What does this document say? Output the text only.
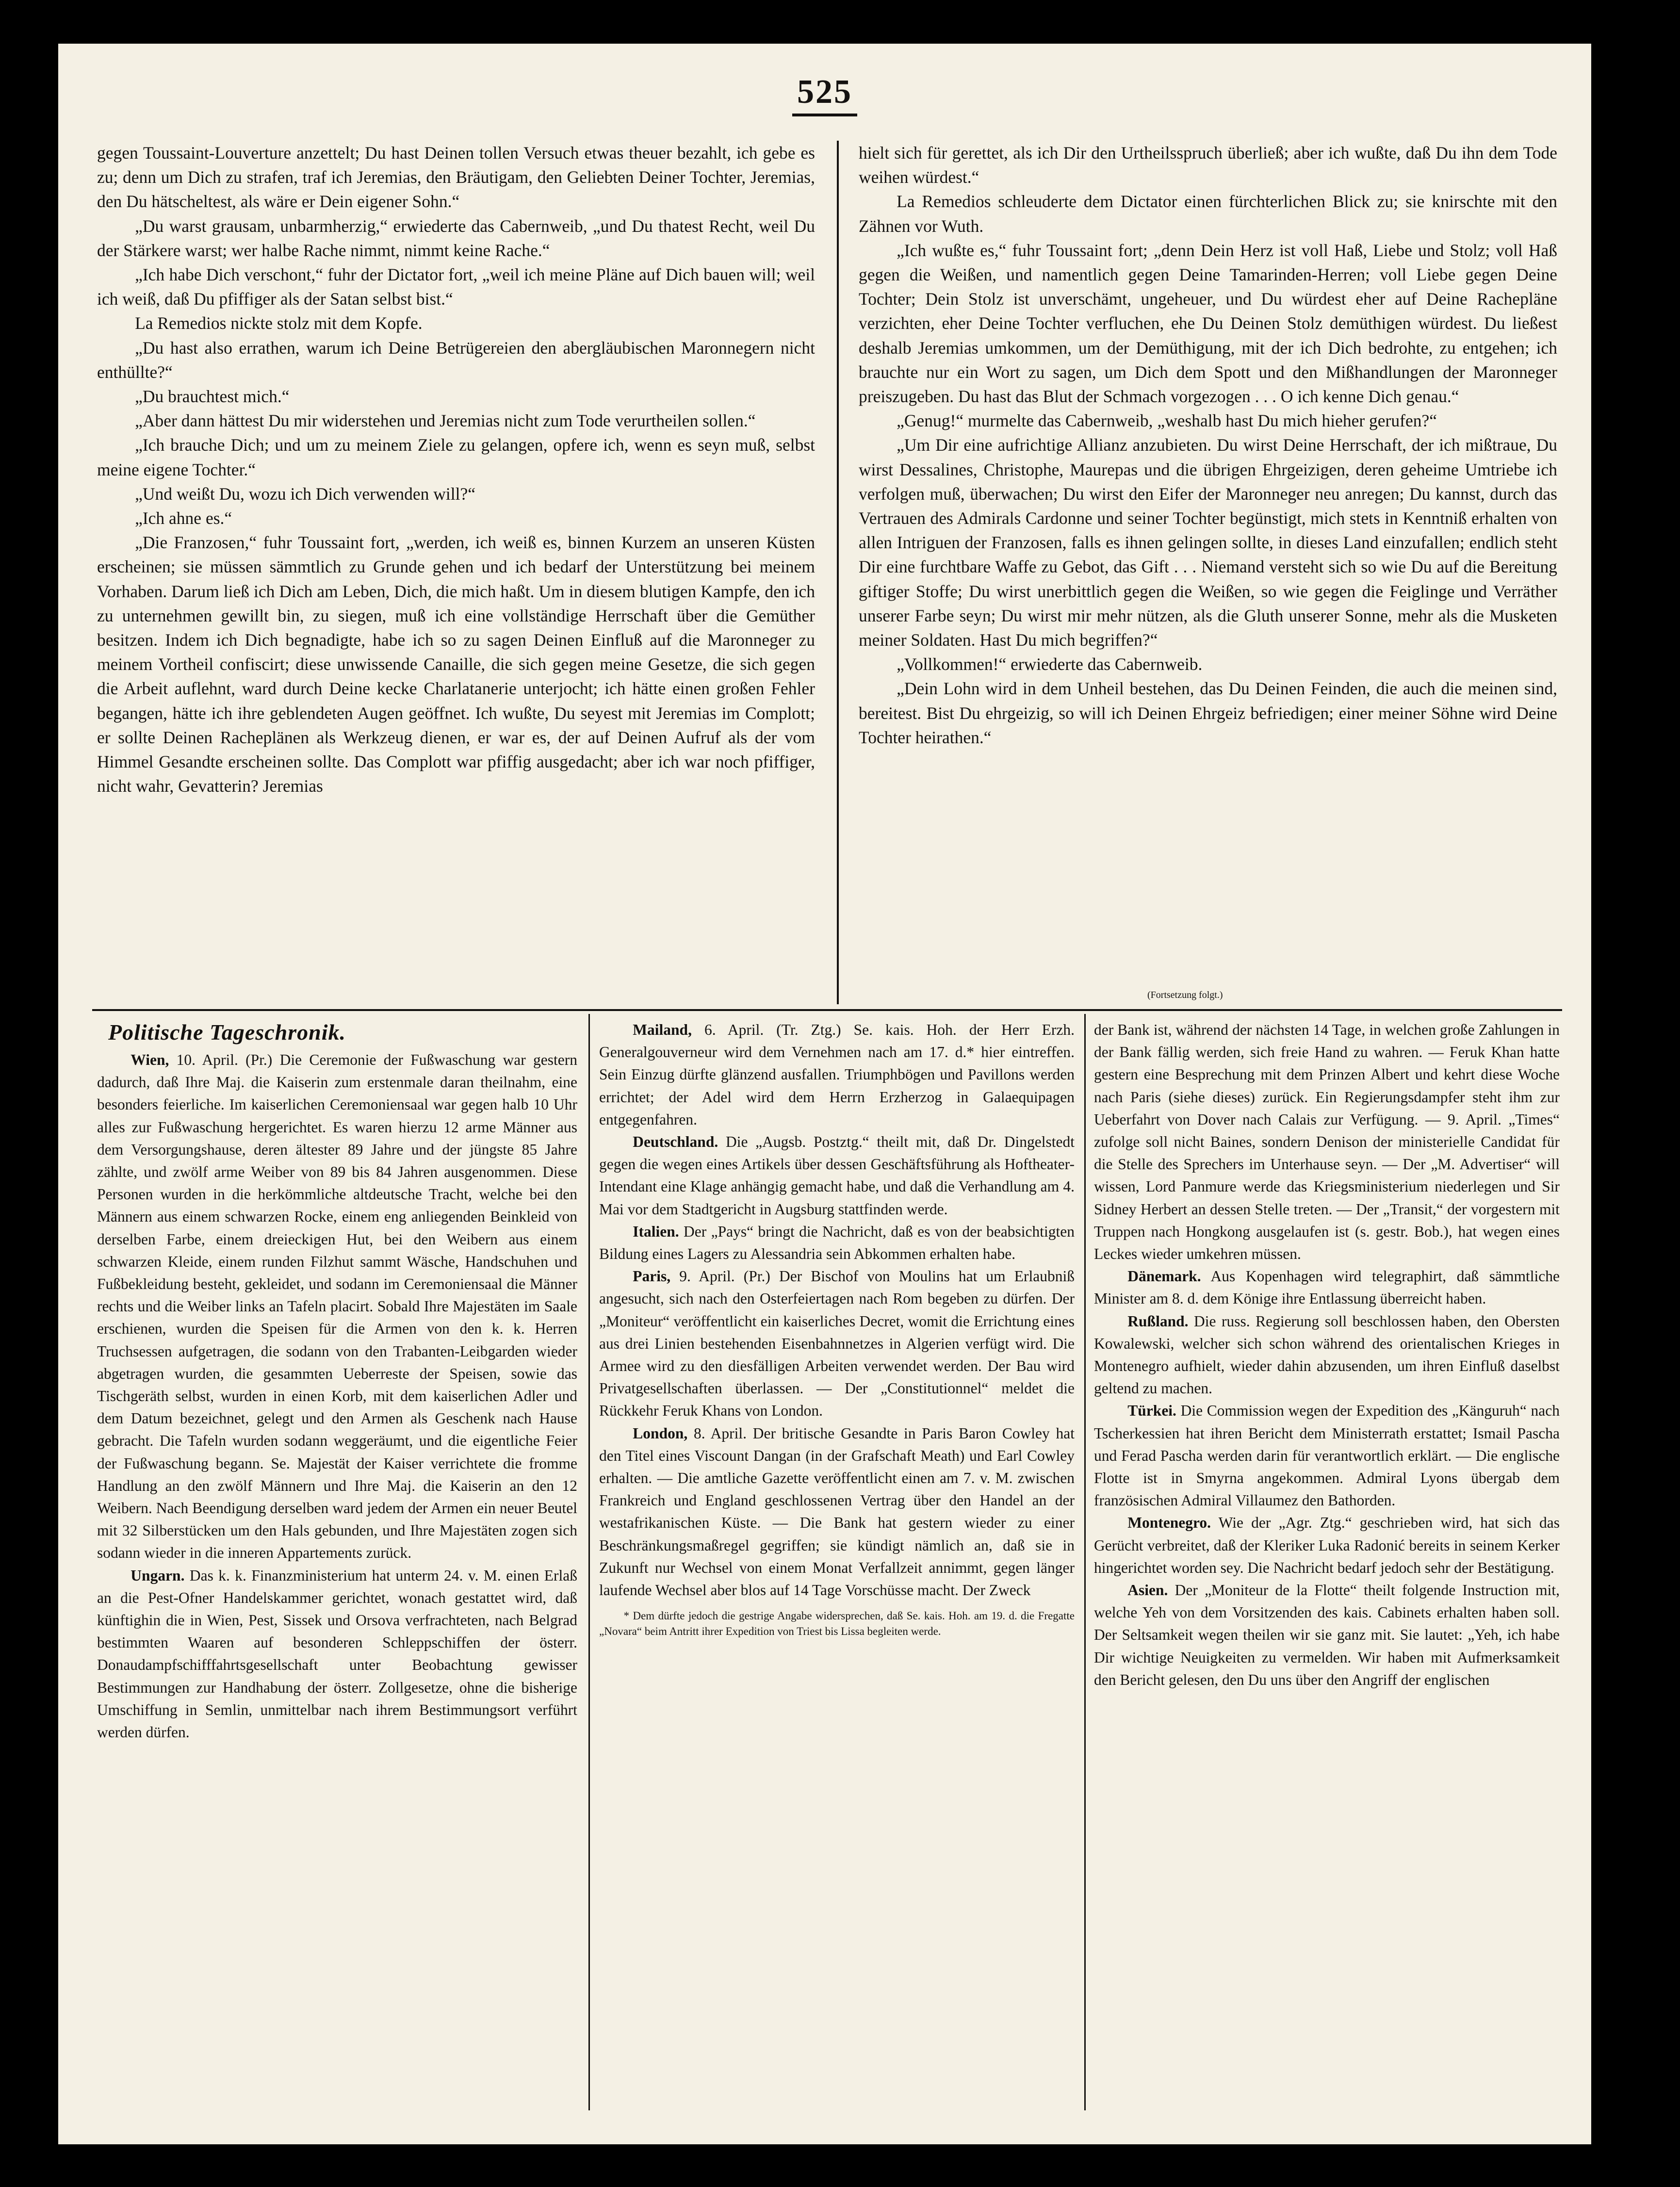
525

gegen Toussaint-Louverture anzettelt; Du hast Deinen tollen Versuch etwas theuer bezahlt, ich gebe es zu; denn um Dich zu strafen, traf ich Jeremias, den Bräutigam, den Geliebten Deiner Tochter, Jeremias, den Du hätscheltest, als wäre er Dein eigener Sohn.“

„Du warst grausam, unbarmherzig,“ erwiederte das Cabernweib, „und Du thatest Recht, weil Du der Stärkere warst; wer halbe Rache nimmt, nimmt keine Rache.“

„Ich habe Dich verschont,“ fuhr der Dictator fort, „weil ich meine Pläne auf Dich bauen will; weil ich weiß, daß Du pfiffiger als der Satan selbst bist.“

La Remedios nickte stolz mit dem Kopfe.

„Du hast also errathen, warum ich Deine Betrügereien den abergläubischen Maronnegern nicht enthüllte?“

„Du brauchtest mich.“

„Aber dann hättest Du mir widerstehen und Jeremias nicht zum Tode verurtheilen sollen.“

„Ich brauche Dich; und um zu meinem Ziele zu gelangen, opfere ich, wenn es seyn muß, selbst meine eigene Tochter.“

„Und weißt Du, wozu ich Dich verwenden will?“

„Ich ahne es.“

„Die Franzosen,“ fuhr Toussaint fort, „werden, ich weiß es, binnen Kurzem an unseren Küsten erscheinen; sie müssen sämmtlich zu Grunde gehen und ich bedarf der Unterstützung bei meinem Vorhaben. Darum ließ ich Dich am Leben, Dich, die mich haßt. Um in diesem blutigen Kampfe, den ich zu unternehmen gewillt bin, zu siegen, muß ich eine vollständige Herrschaft über die Gemüther besitzen. Indem ich Dich begnadigte, habe ich so zu sagen Deinen Einfluß auf die Maronneger zu meinem Vortheil confiscirt; diese unwissende Canaille, die sich gegen meine Gesetze, die sich gegen die Arbeit auflehnt, ward durch Deine kecke Charlatanerie unterjocht; ich hätte einen großen Fehler begangen, hätte ich ihre geblendeten Augen geöffnet. Ich wußte, Du seyest mit Jeremias im Complott; er sollte Deinen Racheplänen als Werkzeug dienen, er war es, der auf Deinen Aufruf als der vom Himmel Gesandte erscheinen sollte. Das Complott war pfiffig ausgedacht; aber ich war noch pfiffiger, nicht wahr, Gevatterin? Jeremias

hielt sich für gerettet, als ich Dir den Urtheilsspruch überließ; aber ich wußte, daß Du ihn dem Tode weihen würdest.“

La Remedios schleuderte dem Dictator einen fürchterlichen Blick zu; sie knirschte mit den Zähnen vor Wuth.

„Ich wußte es,“ fuhr Toussaint fort; „denn Dein Herz ist voll Haß, Liebe und Stolz; voll Haß gegen die Weißen, und namentlich gegen Deine Tamarinden-Herren; voll Liebe gegen Deine Tochter; Dein Stolz ist unverschämt, ungeheuer, und Du würdest eher auf Deine Rachepläne verzichten, eher Deine Tochter verfluchen, ehe Du Deinen Stolz demüthigen würdest. Du ließest deshalb Jeremias umkommen, um der Demüthigung, mit der ich Dich bedrohte, zu entgehen; ich brauchte nur ein Wort zu sagen, um Dich dem Spott und den Mißhandlungen der Maronneger preiszugeben. Du hast das Blut der Schmach vorgezogen . . . O ich kenne Dich genau.“

„Genug!“ murmelte das Cabernweib, „weshalb hast Du mich hieher gerufen?“

„Um Dir eine aufrichtige Allianz anzubieten. Du wirst Deine Herrschaft, der ich mißtraue, Du wirst Dessalines, Christophe, Maurepas und die übrigen Ehrgeizigen, deren geheime Umtriebe ich verfolgen muß, überwachen; Du wirst den Eifer der Maronneger neu anregen; Du kannst, durch das Vertrauen des Admirals Cardonne und seiner Tochter begünstigt, mich stets in Kenntniß erhalten von allen Intriguen der Franzosen, falls es ihnen gelingen sollte, in dieses Land einzufallen; endlich steht Dir eine furchtbare Waffe zu Gebot, das Gift . . . Niemand versteht sich so wie Du auf die Bereitung giftiger Stoffe; Du wirst unerbittlich gegen die Weißen, so wie gegen die Feiglinge und Verräther unserer Farbe seyn; Du wirst mir mehr nützen, als die Gluth unserer Sonne, mehr als die Musketen meiner Soldaten. Hast Du mich begriffen?“

„Vollkommen!“ erwiederte das Cabernweib.

„Dein Lohn wird in dem Unheil bestehen, das Du Deinen Feinden, die auch die meinen sind, bereitest. Bist Du ehrgeizig, so will ich Deinen Ehrgeiz befriedigen; einer meiner Söhne wird Deine Tochter heirathen.“

(Fortsetzung folgt.)
Politische Tageschronik.

Wien, 10. April. (Pr.) Die Ceremonie der Fußwaschung war gestern dadurch, daß Ihre Maj. die Kaiserin zum erstenmale daran theilnahm, eine besonders feierliche. Im kaiserlichen Ceremoniensaal war gegen halb 10 Uhr alles zur Fußwaschung hergerichtet. Es waren hierzu 12 arme Männer aus dem Versorgungshause, deren ältester 89 Jahre und der jüngste 85 Jahre zählte, und zwölf arme Weiber von 89 bis 84 Jahren ausgenommen. Diese Personen wurden in die herkömmliche altdeutsche Tracht, welche bei den Männern aus einem schwarzen Rocke, einem eng anliegenden Beinkleid von derselben Farbe, einem dreieckigen Hut, bei den Weibern aus einem schwarzen Kleide, einem runden Filzhut sammt Wäsche, Handschuhen und Fußbekleidung besteht, gekleidet, und sodann im Ceremoniensaal die Männer rechts und die Weiber links an Tafeln placirt. Sobald Ihre Majestäten im Saale erschienen, wurden die Speisen für die Armen von den k. k. Herren Truchsessen aufgetragen, die sodann von den Trabanten-Leibgarden wieder abgetragen wurden, die gesammten Ueberreste der Speisen, sowie das Tischgeräth selbst, wurden in einen Korb, mit dem kaiserlichen Adler und dem Datum bezeichnet, gelegt und den Armen als Geschenk nach Hause gebracht. Die Tafeln wurden sodann weggeräumt, und die eigentliche Feier der Fußwaschung begann. Se. Majestät der Kaiser verrichtete die fromme Handlung an den zwölf Männern und Ihre Maj. die Kaiserin an den 12 Weibern. Nach Beendigung derselben ward jedem der Armen ein neuer Beutel mit 32 Silberstücken um den Hals gebunden, und Ihre Majestäten zogen sich sodann wieder in die inneren Appartements zurück.

Ungarn. Das k. k. Finanzministerium hat unterm 24. v. M. einen Erlaß an die Pest-Ofner Handelskammer gerichtet, wonach gestattet wird, daß künftighin die in Wien, Pest, Sissek und Orsova verfrachteten, nach Belgrad bestimmten Waaren auf besonderen Schleppschiffen der österr. Donaudampfschifffahrtsgesellschaft unter Beobachtung gewisser Bestimmungen zur Handhabung der österr. Zollgesetze, ohne die bisherige Umschiffung in Semlin, unmittelbar nach ihrem Bestimmungsort verführt werden dürfen.

Mailand, 6. April. (Tr. Ztg.) Se. kais. Hoh. der Herr Erzh. Generalgouverneur wird dem Vernehmen nach am 17. d.* hier eintreffen. Sein Einzug dürfte glänzend ausfallen. Triumphbögen und Pavillons werden errichtet; der Adel wird dem Herrn Erzherzog in Galaequipagen entgegenfahren.

Deutschland. Die „Augsb. Postztg.“ theilt mit, daß Dr. Dingelstedt gegen die wegen eines Artikels über dessen Geschäftsführung als Hoftheater-Intendant eine Klage anhängig gemacht habe, und daß die Verhandlung am 4. Mai vor dem Stadtgericht in Augsburg stattfinden werde.

Italien. Der „Pays“ bringt die Nachricht, daß es von der beabsichtigten Bildung eines Lagers zu Alessandria sein Abkommen erhalten habe.

Paris, 9. April. (Pr.) Der Bischof von Moulins hat um Erlaubniß angesucht, sich nach den Osterfeiertagen nach Rom begeben zu dürfen. Der „Moniteur“ veröffentlicht ein kaiserliches Decret, womit die Errichtung eines aus drei Linien bestehenden Eisenbahnnetzes in Algerien verfügt wird. Die Armee wird zu den diesfälligen Arbeiten verwendet werden. Der Bau wird Privatgesellschaften überlassen. — Der „Constitutionnel“ meldet die Rückkehr Feruk Khans von London.

London, 8. April. Der britische Gesandte in Paris Baron Cowley hat den Titel eines Viscount Dangan (in der Grafschaft Meath) und Earl Cowley erhalten. — Die amtliche Gazette veröffentlicht einen am 7. v. M. zwischen Frankreich und England geschlossenen Vertrag über den Handel an der westafrikanischen Küste. — Die Bank hat gestern wieder zu einer Beschränkungsmaßregel gegriffen; sie kündigt nämlich an, daß sie in Zukunft nur Wechsel von einem Monat Verfallzeit annimmt, gegen länger laufende Wechsel aber blos auf 14 Tage Vorschüsse macht. Der Zweck

* Dem dürfte jedoch die gestrige Angabe widersprechen, daß Se. kais. Hoh. am 19. d. die Fregatte „Novara“ beim Antritt ihrer Expedition von Triest bis Lissa begleiten werde.

der Bank ist, während der nächsten 14 Tage, in welchen große Zahlungen in der Bank fällig werden, sich freie Hand zu wahren. — Feruk Khan hatte gestern eine Besprechung mit dem Prinzen Albert und kehrt diese Woche nach Paris (siehe dieses) zurück. Ein Regierungsdampfer steht ihm zur Ueberfahrt von Dover nach Calais zur Verfügung. — 9. April. „Times“ zufolge soll nicht Baines, sondern Denison der ministerielle Candidat für die Stelle des Sprechers im Unterhause seyn. — Der „M. Advertiser“ will wissen, Lord Panmure werde das Kriegsministerium niederlegen und Sir Sidney Herbert an dessen Stelle treten. — Der „Transit,“ der vorgestern mit Truppen nach Hongkong ausgelaufen ist (s. gestr. Bob.), hat wegen eines Leckes wieder umkehren müssen.

Dänemark. Aus Kopenhagen wird telegraphirt, daß sämmtliche Minister am 8. d. dem Könige ihre Entlassung überreicht haben.

Rußland. Die russ. Regierung soll beschlossen haben, den Obersten Kowalewski, welcher sich schon während des orientalischen Krieges in Montenegro aufhielt, wieder dahin abzusenden, um ihren Einfluß daselbst geltend zu machen.

Türkei. Die Commission wegen der Expedition des „Känguruh“ nach Tscherkessien hat ihren Bericht dem Ministerrath erstattet; Ismail Pascha und Ferad Pascha werden darin für verantwortlich erklärt. — Die englische Flotte ist in Smyrna angekommen. Admiral Lyons übergab dem französischen Admiral Villaumez den Bathorden.

Montenegro. Wie der „Agr. Ztg.“ geschrieben wird, hat sich das Gerücht verbreitet, daß der Kleriker Luka Radonić bereits in seinem Kerker hingerichtet worden sey. Die Nachricht bedarf jedoch sehr der Bestätigung.

Asien. Der „Moniteur de la Flotte“ theilt folgende Instruction mit, welche Yeh von dem Vorsitzenden des kais. Cabinets erhalten haben soll. Der Seltsamkeit wegen theilen wir sie ganz mit. Sie lautet: „Yeh, ich habe Dir wichtige Neuigkeiten zu vermelden. Wir haben mit Aufmerksamkeit den Bericht gelesen, den Du uns über den Angriff der englischen
